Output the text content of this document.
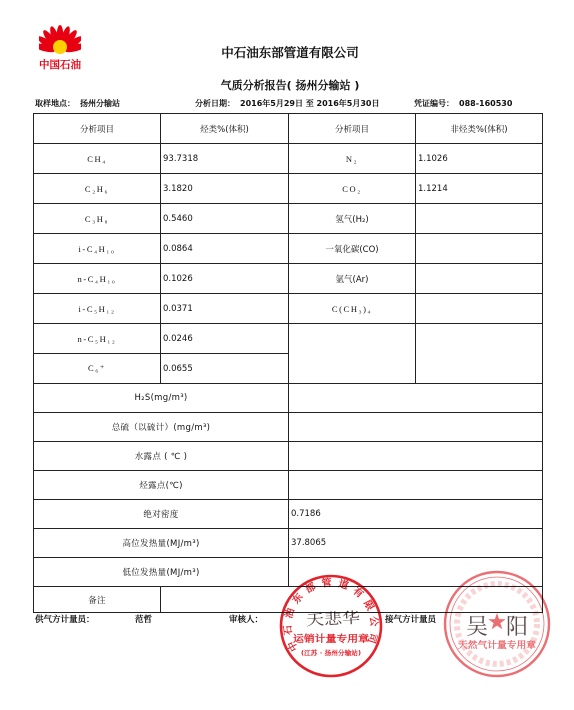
中国石油
中石油东部管道有限公司
气质分析报告( 扬州分输站 )
取样地点： 扬州分输站	分析日期： 2016年5月29日 至 2016年5月30日	凭证编号： 088-160530
分析项目	烃类%(体积)	分析项目	非烃类%(体积)
CH₄	93.7318	N₂	1.1026
C₂H₆	3.1820	CO₂	1.1214
C₃H₈	0.5460	氢气(H₂)	
i-C₄H₁₀	0.0864	一氧化碳(CO)	
n-C₄H₁₀	0.1026	氩气(Ar)	
i-C₅H₁₂	0.0371	C(CH₃)₄	
n-C₅H₁₂	0.0246		
C₆⁺	0.0655		
H₂S(mg/m³)			
总硫（以硫计）(mg/m³)			
水露点 ( ℃ )			
烃露点(℃)			
绝对密度		0.7186	
高位发热量(MJ/m³)		37.8065	
低位发热量(MJ/m³)			
备注			
供气方计量员：	范哲	审核人：	接气方计量员
中石油东部管道有限公司
运销计量专用章
(江苏 · 扬州分输站)
天悲华
天然气计量专用章
吴阳
